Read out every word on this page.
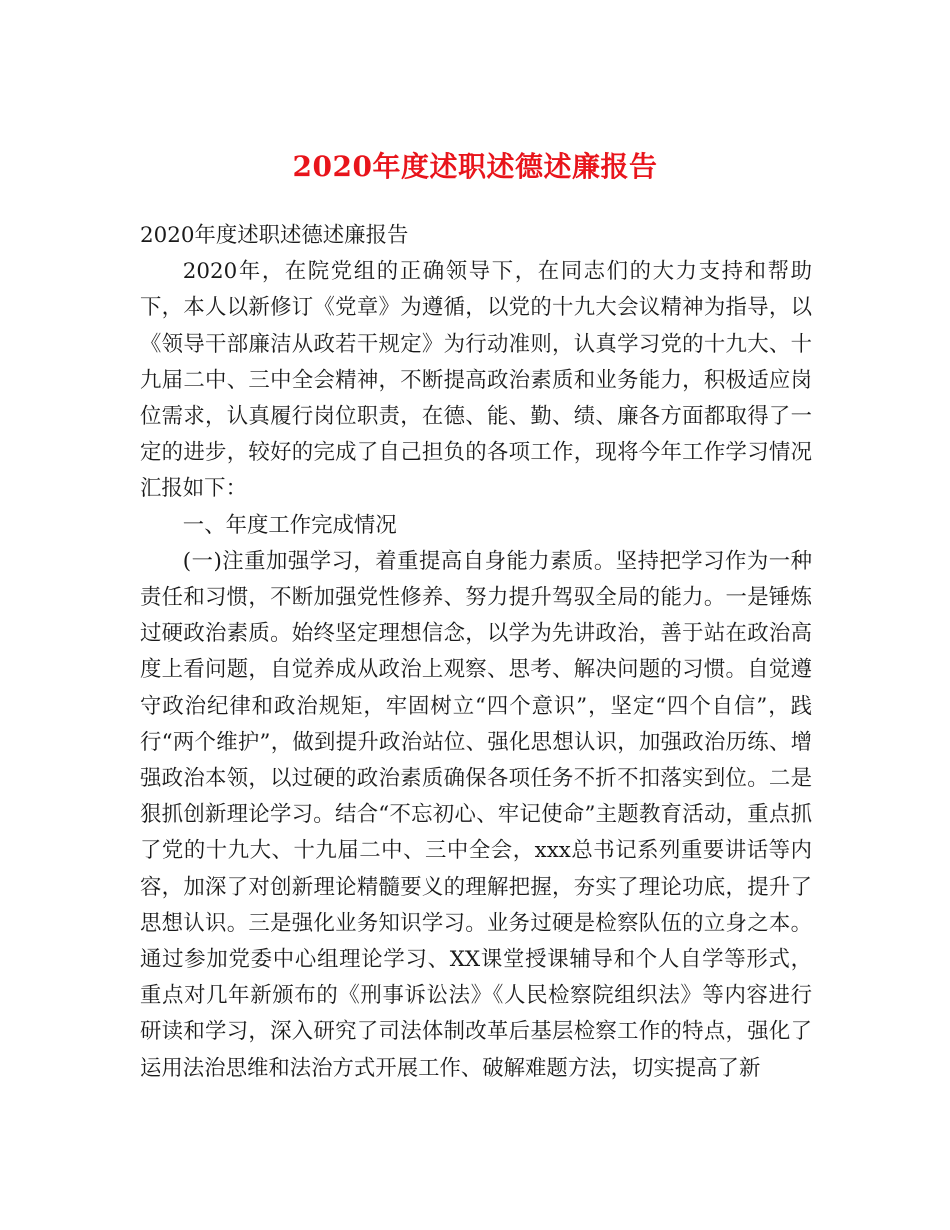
2020年度述职述德述廉报告

2020年度述职述德述廉报告

2020年，在院党组的正确领导下，在同志们的大力支持和帮助下，本人以新修订《党章》为遵循，以党的十九大会议精神为指导，以《领导干部廉洁从政若干规定》为行动准则，认真学习党的十九大、十九届二中、三中全会精神，不断提高政治素质和业务能力，积极适应岗位需求，认真履行岗位职责，在德、能、勤、绩、廉各方面都取得了一定的进步，较好的完成了自己担负的各项工作，现将今年工作学习情况汇报如下：

一、年度工作完成情况

(一)注重加强学习，着重提高自身能力素质。坚持把学习作为一种责任和习惯，不断加强党性修养、努力提升驾驭全局的能力。一是锤炼过硬政治素质。始终坚定理想信念，以学为先讲政治，善于站在政治高度上看问题，自觉养成从政治上观察、思考、解决问题的习惯。自觉遵守政治纪律和政治规矩，牢固树立“四个意识”，坚定“四个自信”，践行“两个维护”，做到提升政治站位、强化思想认识，加强政治历练、增强政治本领，以过硬的政治素质确保各项任务不折不扣落实到位。二是狠抓创新理论学习。结合“不忘初心、牢记使命”主题教育活动，重点抓了党的十九大、十九届二中、三中全会，xxx总书记系列重要讲话等内容，加深了对创新理论精髓要义的理解把握，夯实了理论功底，提升了思想认识。三是强化业务知识学习。业务过硬是检察队伍的立身之本。通过参加党委中心组理论学习、XX课堂授课辅导和个人自学等形式，重点对几年新颁布的《刑事诉讼法》《人民检察院组织法》等内容进行研读和学习，深入研究了司法体制改革后基层检察工作的特点，强化了运用法治思维和法治方式开展工作、破解难题方法，切实提高了新
